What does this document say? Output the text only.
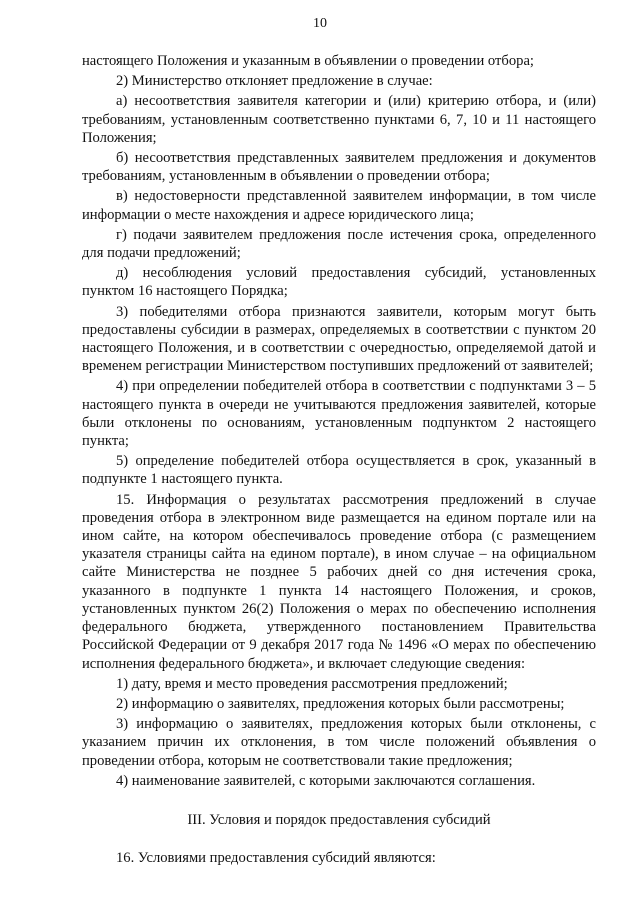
10

настоящего Положения и указанным в объявлении о проведении отбора;

2) Министерство отклоняет предложение в случае:

а) несоответствия заявителя категории и (или) критерию отбора, и (или) требованиям, установленным соответственно пунктами 6, 7, 10 и 11 настоящего Положения;

б) несоответствия представленных заявителем предложения и документов требованиям, установленным в объявлении о проведении отбора;

в) недостоверности представленной заявителем информации, в том числе информации о месте нахождения и адресе юридического лица;

г) подачи заявителем предложения после истечения срока, определенного для подачи предложений;

д) несоблюдения условий предоставления субсидий, установленных пунктом 16 настоящего Порядка;

3) победителями отбора признаются заявители, которым могут быть предоставлены субсидии в размерах, определяемых в соответствии с пунктом 20 настоящего Положения, и в соответствии с очередностью, определяемой датой и временем регистрации Министерством поступивших предложений от заявителей;

4) при определении победителей отбора в соответствии с подпунктами 3 – 5 настоящего пункта в очереди не учитываются предложения заявителей, которые были отклонены по основаниям, установленным подпунктом 2 настоящего пункта;

5) определение победителей отбора осуществляется в срок, указанный в подпункте 1 настоящего пункта.

15. Информация о результатах рассмотрения предложений в случае проведения отбора в электронном виде размещается на едином портале или на ином сайте, на котором обеспечивалось проведение отбора (с размещением указателя страницы сайта на едином портале), в ином случае – на официальном сайте Министерства не позднее 5 рабочих дней со дня истечения срока, указанного в подпункте 1 пункта 14 настоящего Положения, и сроков, установленных пунктом 26(2) Положения о мерах по обеспечению исполнения федерального бюджета, утвержденного постановлением Правительства Российской Федерации от 9 декабря 2017 года № 1496 «О мерах по обеспечению исполнения федерального бюджета», и включает следующие сведения:

1) дату, время и место проведения рассмотрения предложений;

2) информацию о заявителях, предложения которых были рассмотрены;

3) информацию о заявителях, предложения которых были отклонены, с указанием причин их отклонения, в том числе положений объявления о проведении отбора, которым не соответствовали такие предложения;

4) наименование заявителей, с которыми заключаются соглашения.

III. Условия и порядок предоставления субсидий

16. Условиями предоставления субсидий являются:
